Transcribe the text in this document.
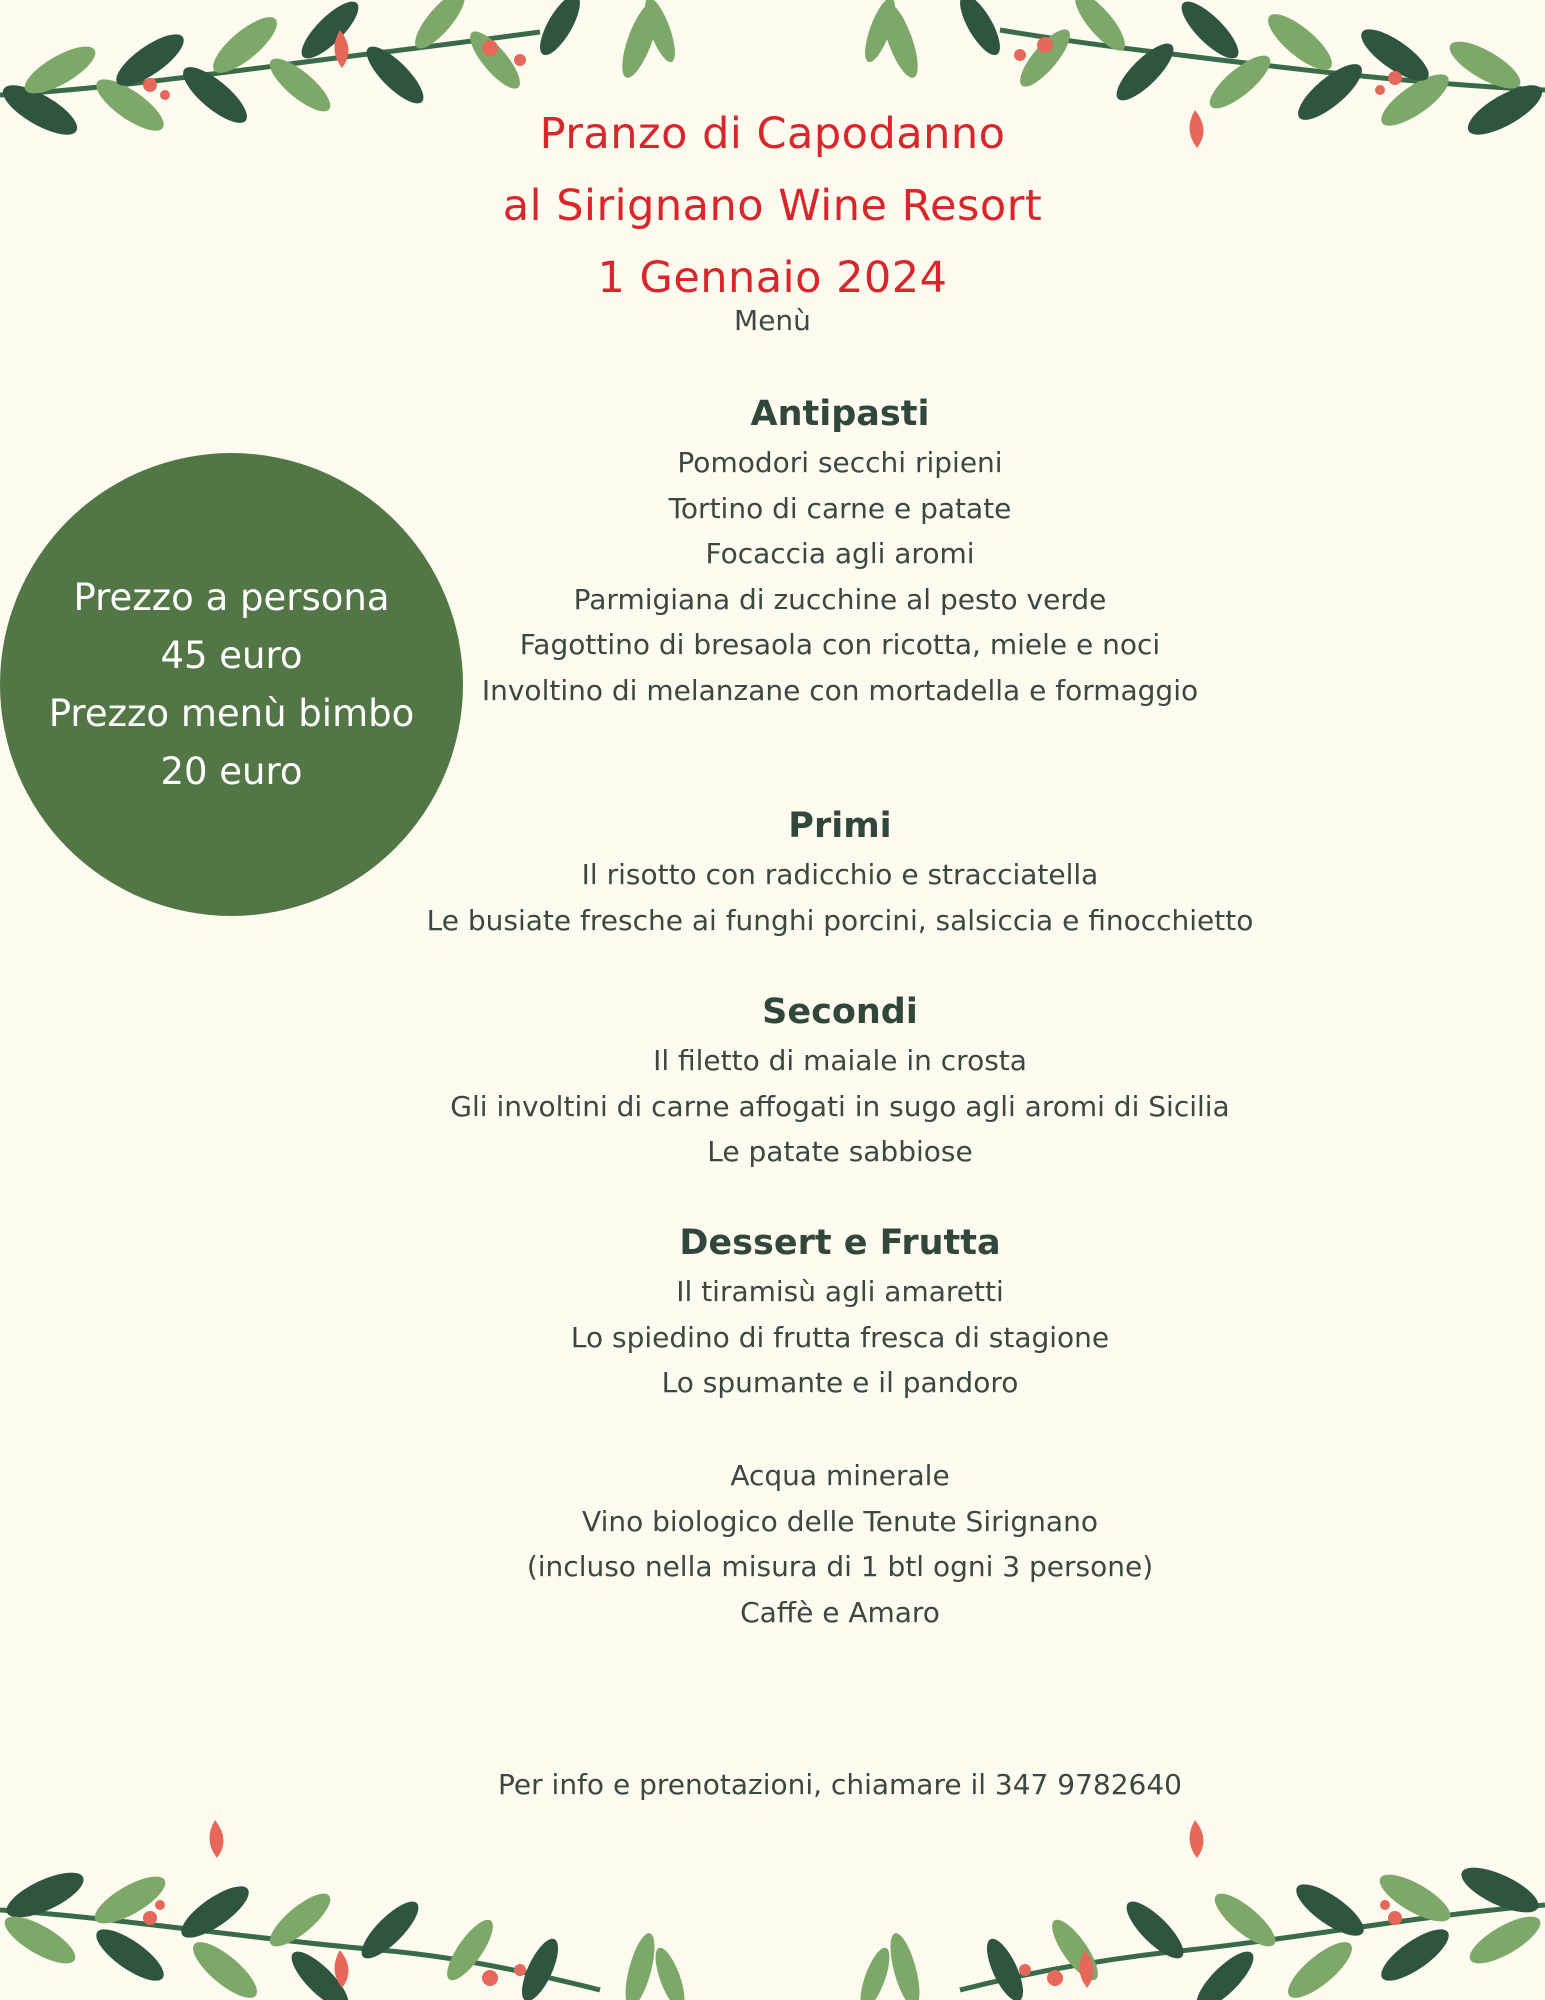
Pranzo di Capodanno
al Sirignano Wine Resort
1 Gennaio 2024
Menù
Prezzo a persona
45 euro
Prezzo menù bimbo
20 euro
Antipasti
Pomodori secchi ripieni
Tortino di carne e patate
Focaccia agli aromi
Parmigiana di zucchine al pesto verde
Fagottino di bresaola con ricotta, miele e noci
Involtino di melanzane con mortadella e formaggio
Primi
Il risotto con radicchio e stracciatella
Le busiate fresche ai funghi porcini, salsiccia e finocchietto
Secondi
Il filetto di maiale in crosta
Gli involtini di carne affogati in sugo agli aromi di Sicilia
Le patate sabbiose
Dessert e Frutta
Il tiramisù agli amaretti
Lo spiedino di frutta fresca di stagione
Lo spumante e il pandoro
Acqua minerale
Vino biologico delle Tenute Sirignano
(incluso nella misura di 1 btl ogni 3 persone)
Caffè e Amaro
Per info e prenotazioni, chiamare il 347 9782640
